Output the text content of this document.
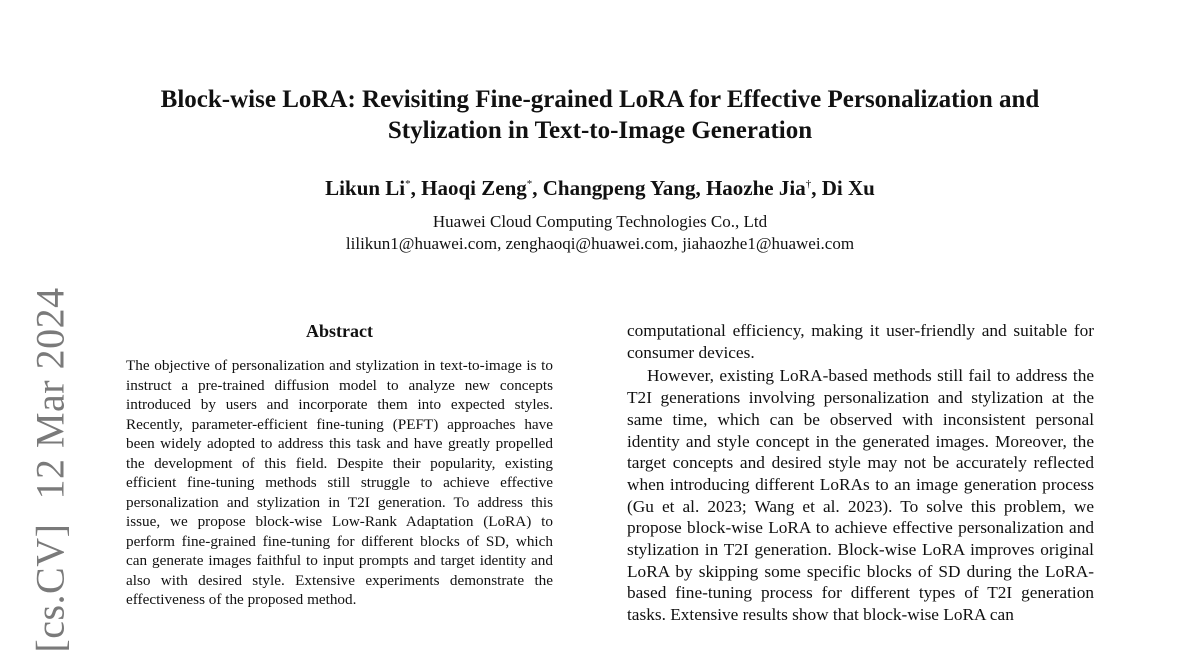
Block-wise LoRA: Revisiting Fine-grained LoRA for Effective Personalization and
Stylization in Text-to-Image Generation
Likun Li*, Haoqi Zeng*, Changpeng Yang, Haozhe Jia†, Di Xu
Huawei Cloud Computing Technologies Co., Ltd
lilikun1@huawei.com, zenghaoqi@huawei.com, jiahaozhe1@huawei.com
[cs.CV]12 Mar 2024	Abstract

The objective of personalization and stylization in text-to-image is to instruct a pre-trained diffusion model to analyze new concepts introduced by users and incorporate them into expected styles. Recently, parameter-efficient fine-tuning (PEFT) approaches have been widely adopted to address this task and have greatly propelled the development of this field. Despite their popularity, existing efficient fine-tuning methods still struggle to achieve effective personalization and stylization in T2I generation. To address this issue, we propose block-wise Low-Rank Adaptation (LoRA) to perform fine-grained fine-tuning for different blocks of SD, which can generate images faithful to input prompts and target identity and also with desired style. Extensive experiments demonstrate the effectiveness of the proposed method.

computational efficiency, making it user-friendly and suitable for consumer devices.

However, existing LoRA-based methods still fail to address the T2I generations involving personalization and stylization at the same time, which can be observed with inconsistent personal identity and style concept in the generated images. Moreover, the target concepts and desired style may not be accurately reflected when introducing different LoRAs to an image generation process (Gu et al. 2023; Wang et al. 2023). To solve this problem, we propose block-wise LoRA to achieve effective personalization and stylization in T2I generation. Block-wise LoRA improves original LoRA by skipping some specific blocks of SD during the LoRA-based fine-tuning process for different types of T2I generation tasks. Extensive results show that block-wise LoRA can
